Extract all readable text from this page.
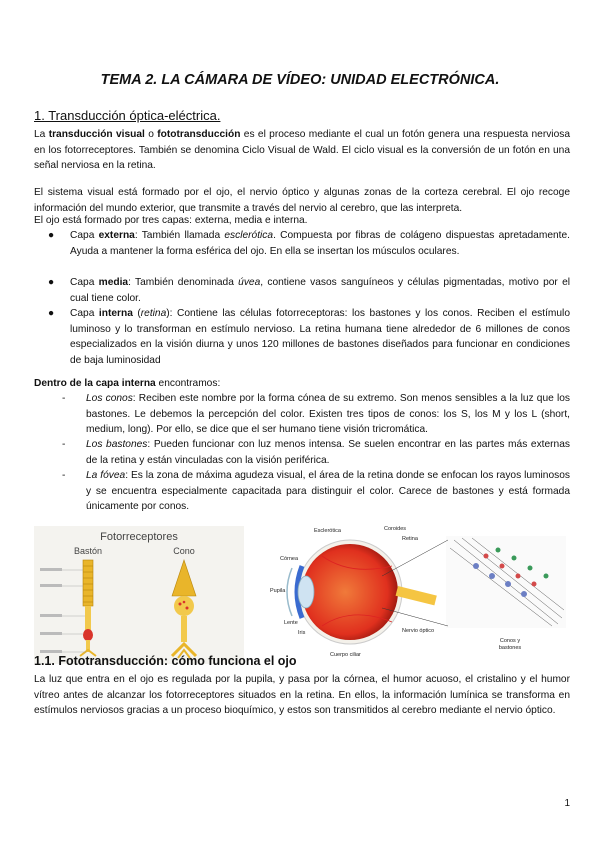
TEMA 2. LA CÁMARA DE VÍDEO: UNIDAD ELECTRÓNICA.
1. Transducción óptica-eléctrica.

La transducción visual o fototransducción es el proceso mediante el cual un fotón genera una respuesta nerviosa en los fotorreceptores. También se denomina Ciclo Visual de Wald. El ciclo visual es la conversión de un fotón en una señal nerviosa en la retina.

El sistema visual está formado por el ojo, el nervio óptico y algunas zonas de la corteza cerebral. El ojo recoge información del mundo exterior, que transmite a través del nervio al cerebro, que las interpreta.

El ojo está formado por tres capas: externa, media e interna.

●	Capa externa: También llamada esclerótica. Compuesta por fibras de colágeno dispuestas apretadamente. Ayuda a mantener la forma esférica del ojo. En ella se insertan los músculos oculares.
●	Capa media: También denominada úvea, contiene vasos sanguíneos y células pigmentadas, motivo por el cual tiene color.
●	Capa interna (retina): Contiene las células fotorreceptoras: los bastones y los conos. Reciben el estímulo luminoso y lo transforman en estímulo nervioso. La retina humana tiene alrededor de 6 millones de conos especializados en la visión diurna y unos 120 millones de bastones diseñados para funcionar en condiciones de baja luminosidad

Dentro de la capa interna encontramos:

- Los conos: Reciben este nombre por la forma cónea de su extremo. Son menos sensibles a la luz que los bastones. Le debemos la percepción del color. Existen tres tipos de conos: los S, los M y los L (short, medium, long). Por ello, se dice que el ser humano tiene visión tricromática.
- Los bastones: Pueden funcionar con luz menos intensa. Se suelen encontrar en las partes más externas de la retina y están vinculadas con la visión periférica.
- La fóvea: Es la zona de máxima agudeza visual, el área de la retina donde se enfocan los rayos luminosos y se encuentra especialmente capacitada para distinguir el color. Carece de bastones y está formada únicamente por conos.
Fotorreceptores
Bastón	Cono
Esclerótica	Coroides
Retina
Córnea
Pupila
Lente
Iris
Cuerpo ciliar
Nervio óptico
Conos y
bastones
1.1. Fototransducción: cómo funciona el ojo

La luz que entra en el ojo es regulada por la pupila, y pasa por la córnea, el humor acuoso, el cristalino y el humor vítreo antes de alcanzar los fotorreceptores situados en la retina. En ellos, la información lumínica se transforma en estímulos nerviosos gracias a un proceso bioquímico, y estos son transmitidos al cerebro mediante el nervio óptico.

1
